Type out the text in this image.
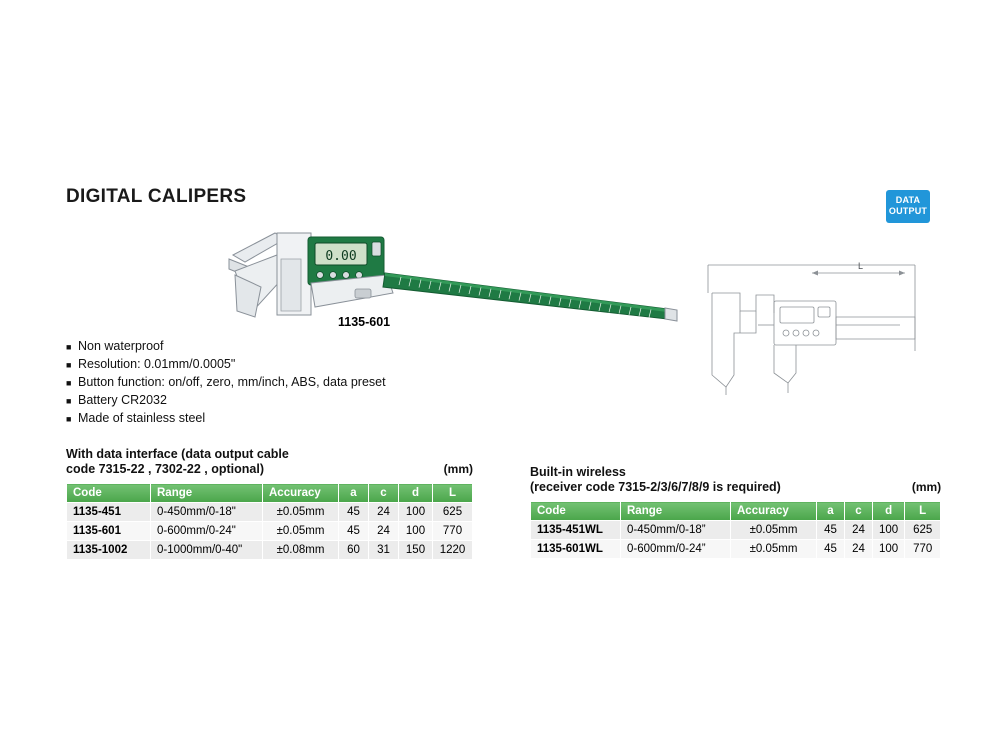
DIGITAL CALIPERS	DATA
OUTPUT
0.00
1135-601
L
■
Non waterproof
■
Resolution: 0.01mm/0.0005"
■
Button function: on/off, zero, mm/inch, ABS, data preset
■
Battery CR2032
■
Made of stainless steel
With data interface (data output cable
code 7315-22 , 7302-22 , optional)	(mm)
Code	Range	Accuracy	a	c	d	L
1135-451	0-450mm/0-18"	±0.05mm	45	24	100	625
1135-601	0-600mm/0-24"	±0.05mm	45	24	100	770
1135-1002	0-1000mm/0-40"	±0.08mm	60	31	150	1220
Built-in wireless
(receiver code 7315-2/3/6/7/8/9 is required)	(mm)
Code	Range	Accuracy	a	c	d	L
1135-451WL	0-450mm/0-18”	±0.05mm	45	24	100	625
1135-601WL	0-600mm/0-24”	±0.05mm	45	24	100	770
